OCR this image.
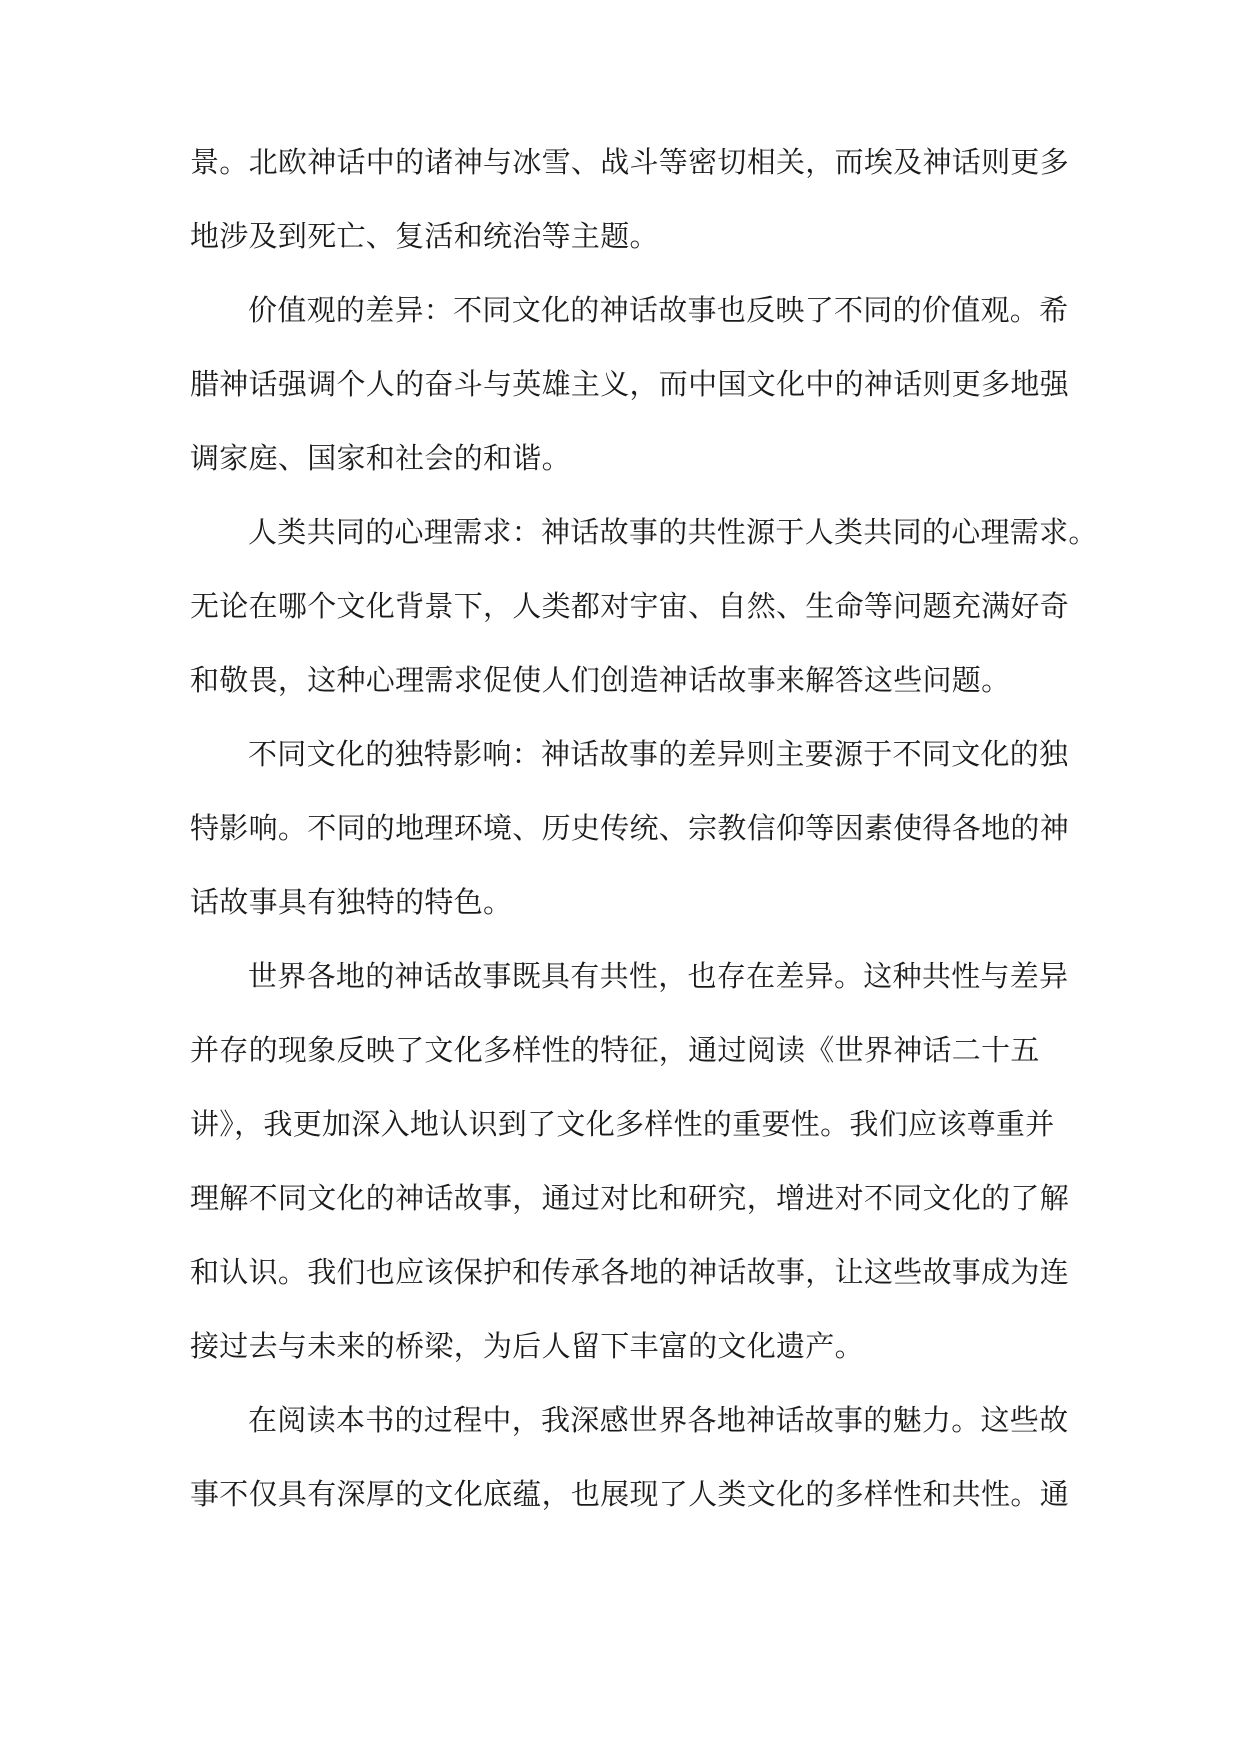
景。北欧神话中的诸神与冰雪、战斗等密切相关，而埃及神话则更多
地涉及到死亡、复活和统治等主题。
价值观的差异：不同文化的神话故事也反映了不同的价值观。希
腊神话强调个人的奋斗与英雄主义，而中国文化中的神话则更多地强
调家庭、国家和社会的和谐。
人类共同的心理需求：神话故事的共性源于人类共同的心理需求。
无论在哪个文化背景下，人类都对宇宙、自然、生命等问题充满好奇
和敬畏，这种心理需求促使人们创造神话故事来解答这些问题。
不同文化的独特影响：神话故事的差异则主要源于不同文化的独
特影响。不同的地理环境、历史传统、宗教信仰等因素使得各地的神
话故事具有独特的特色。
世界各地的神话故事既具有共性，也存在差异。这种共性与差异
并存的现象反映了文化多样性的特征，通过阅读《世界神话二十五
讲》，我更加深入地认识到了文化多样性的重要性。我们应该尊重并
理解不同文化的神话故事，通过对比和研究，增进对不同文化的了解
和认识。我们也应该保护和传承各地的神话故事，让这些故事成为连
接过去与未来的桥梁，为后人留下丰富的文化遗产。
在阅读本书的过程中，我深感世界各地神话故事的魅力。这些故
事不仅具有深厚的文化底蕴，也展现了人类文化的多样性和共性。通
